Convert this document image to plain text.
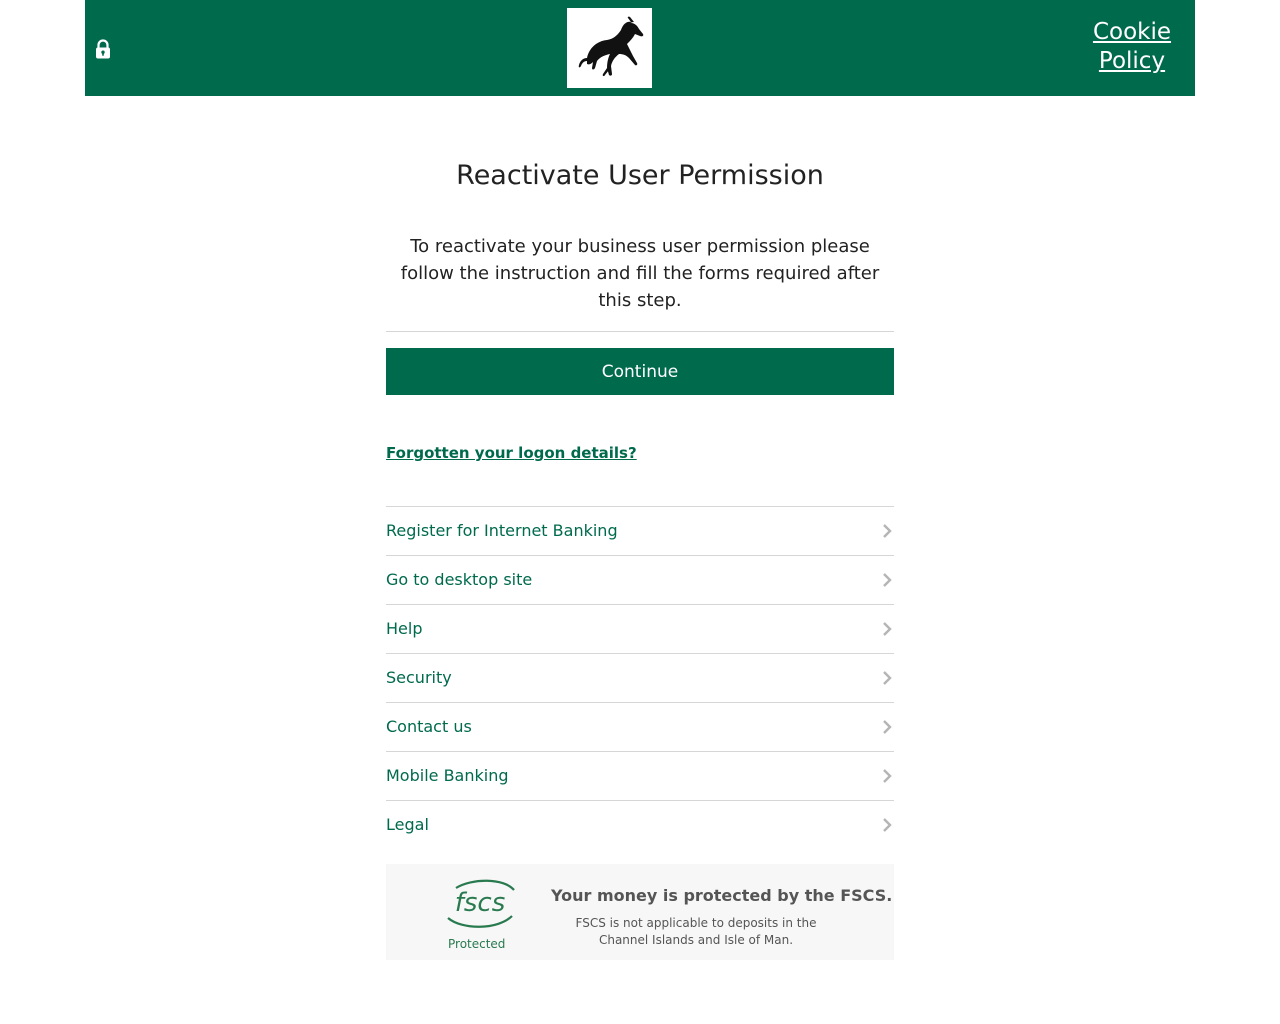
Cookie Policy
Reactivate User Permission

To reactivate your business user permission please follow the instruction and fill the forms required after this step.

Continue
Forgotten your logon details?
Register for Internet Banking
Go to desktop site
Help
Security
Contact us
Mobile Banking
Legal
fscs
Protected
Your money is protected by the FSCS.
FSCS is not applicable to deposits in the Channel Islands and Isle of Man.
